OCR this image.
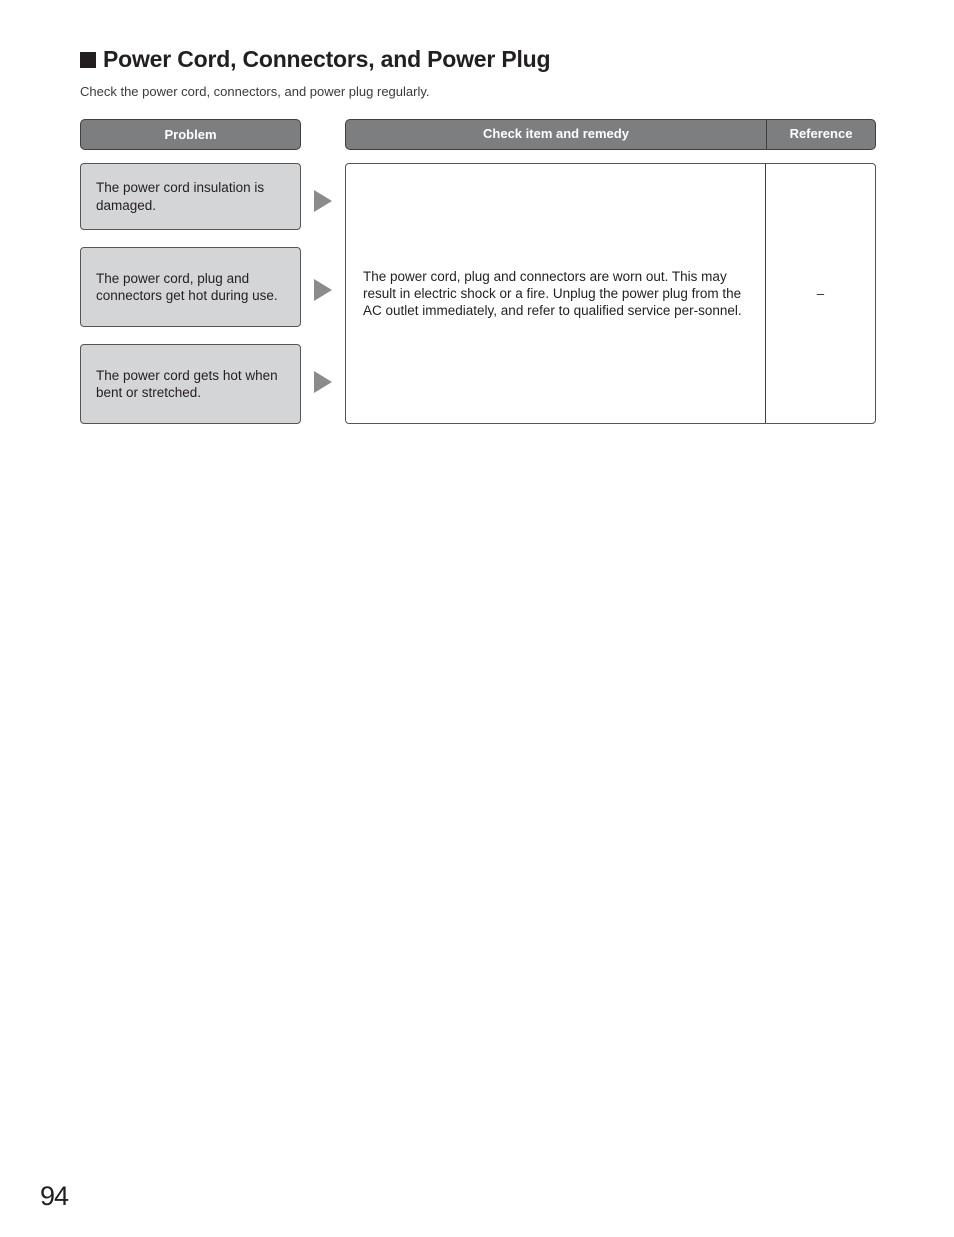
Power Cord, Connectors, and Power Plug
Check the power cord, connectors, and power plug regularly.
Problem	Check item and remedy	Reference
The power cord insulation is damaged.
The power cord, plug and connectors get hot during use.
The power cord gets hot when bent or stretched.
The power cord, plug and connectors are worn out. This may result in electric shock or a fire. Unplug the power plug from the AC outlet immediately, and refer to qualified service per-sonnel.
–
94
